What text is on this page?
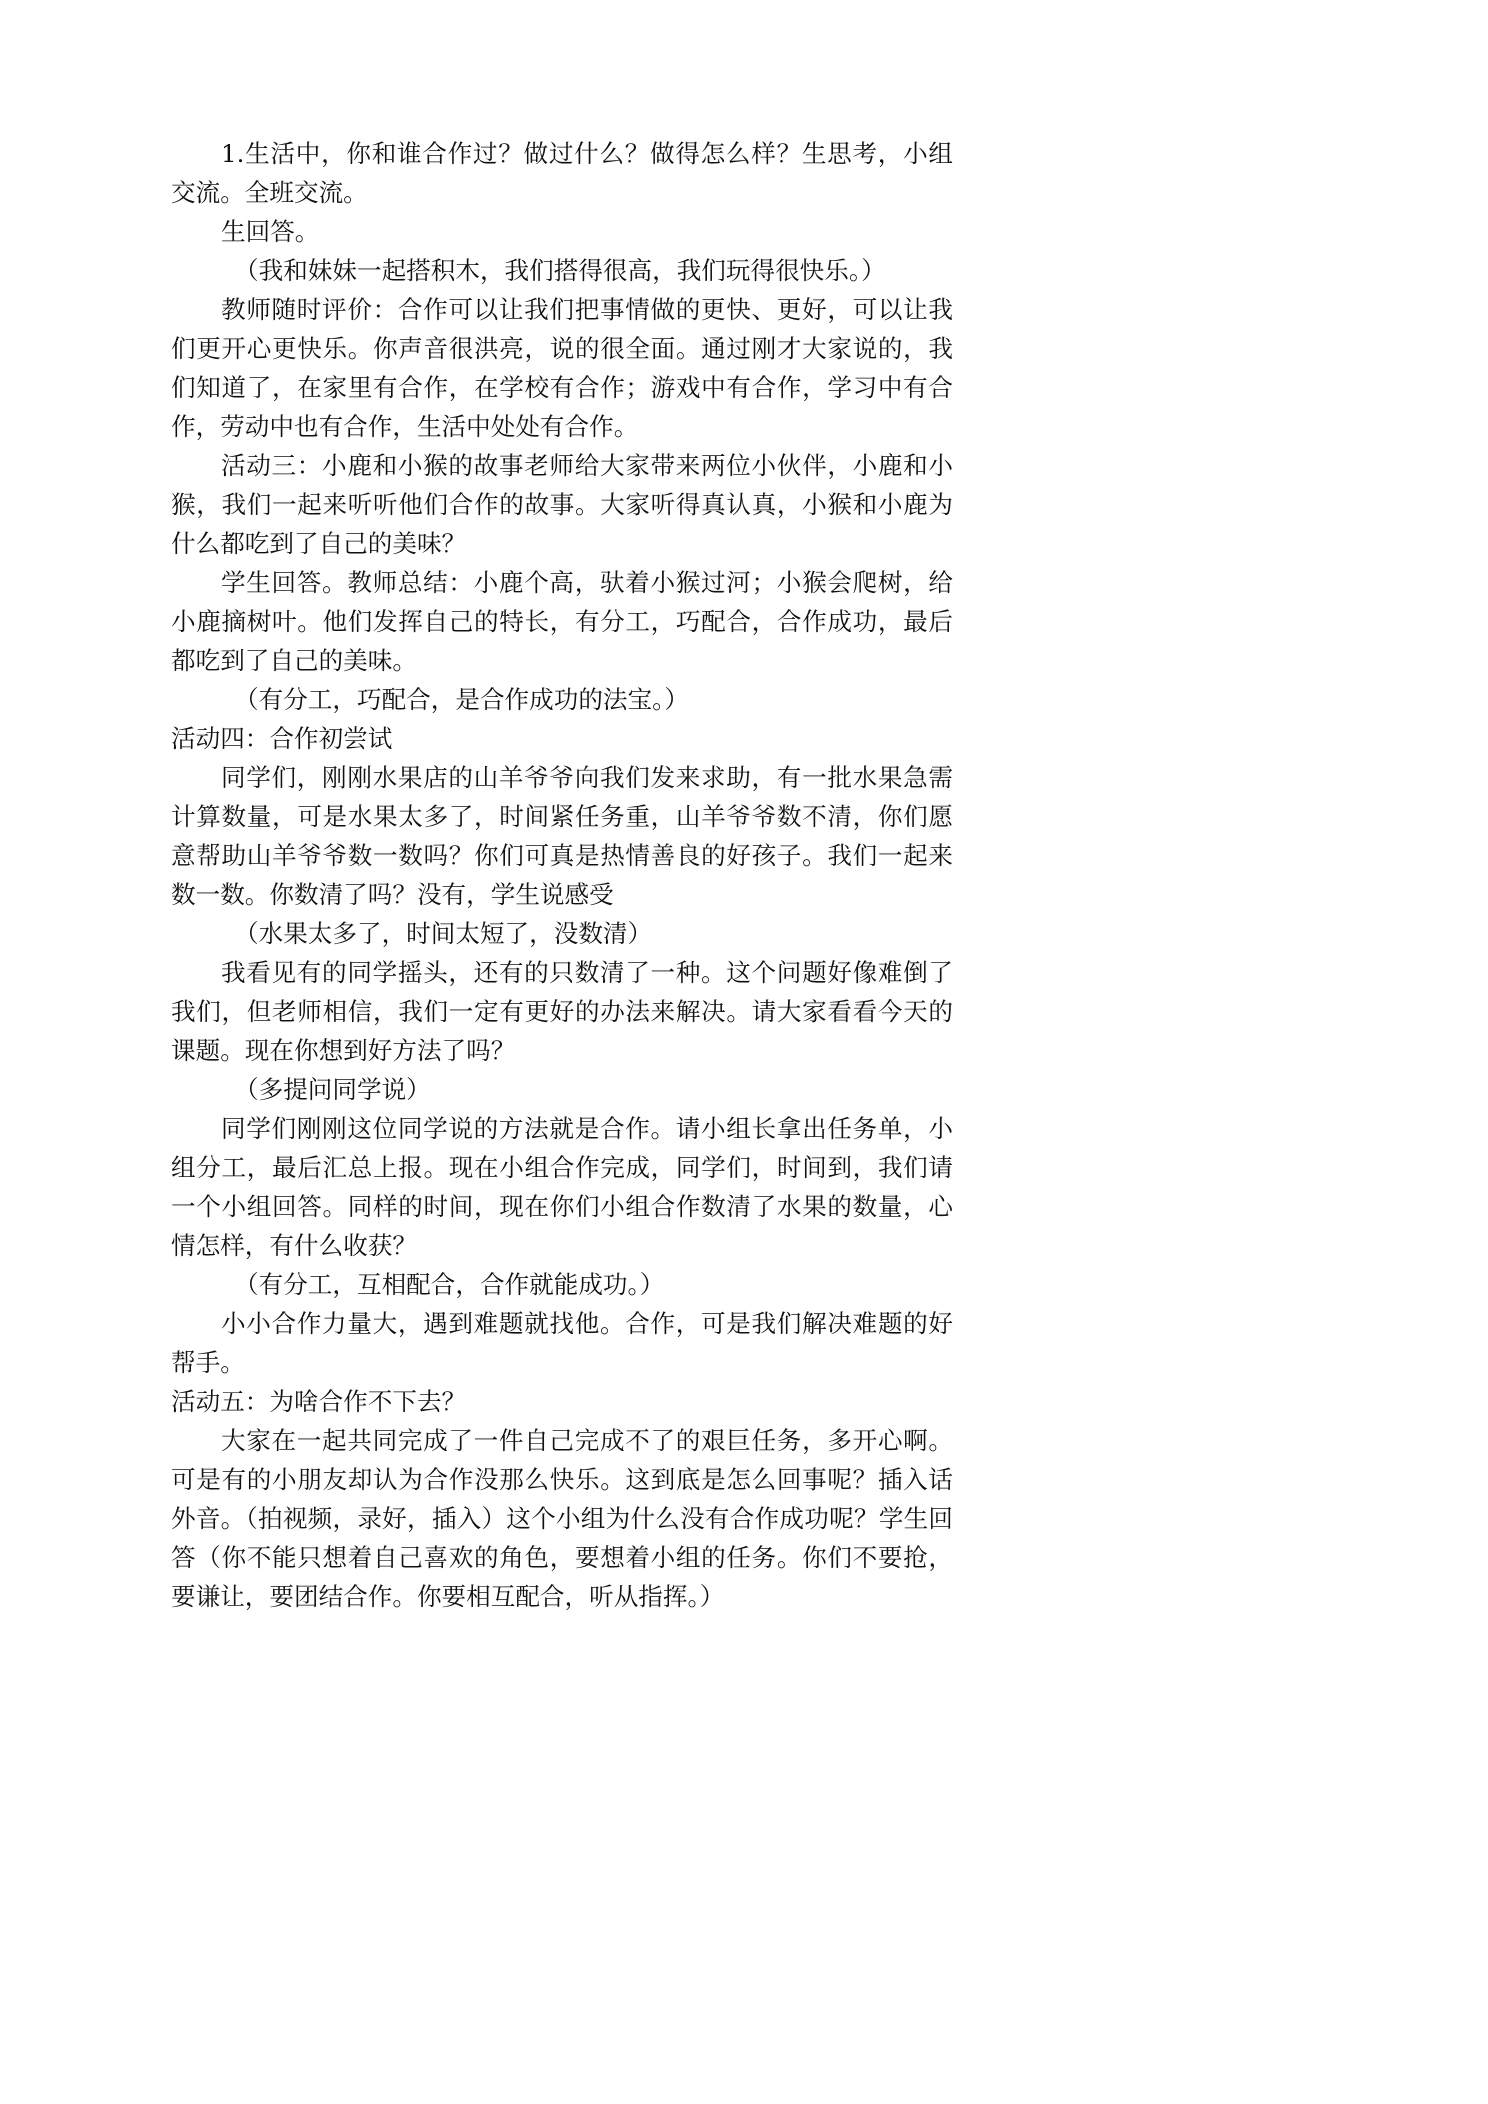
1.生活中，你和谁合作过？做过什么？做得怎么样？生思考，小组交流。全班交流。

生回答。

（我和妹妹一起搭积木，我们搭得很高，我们玩得很快乐。）

教师随时评价：合作可以让我们把事情做的更快、更好，可以让我们更开心更快乐。你声音很洪亮，说的很全面。通过刚才大家说的，我们知道了，在家里有合作，在学校有合作；游戏中有合作，学习中有合作，劳动中也有合作，生活中处处有合作。

活动三：小鹿和小猴的故事老师给大家带来两位小伙伴，小鹿和小猴，我们一起来听听他们合作的故事。大家听得真认真，小猴和小鹿为什么都吃到了自己的美味？

学生回答。教师总结：小鹿个高，驮着小猴过河；小猴会爬树，给小鹿摘树叶。他们发挥自己的特长，有分工，巧配合，合作成功，最后都吃到了自己的美味。

（有分工，巧配合，是合作成功的法宝。）

活动四：合作初尝试

同学们，刚刚水果店的山羊爷爷向我们发来求助，有一批水果急需计算数量，可是水果太多了，时间紧任务重，山羊爷爷数不清，你们愿意帮助山羊爷爷数一数吗？你们可真是热情善良的好孩子。我们一起来数一数。你数清了吗？没有，学生说感受

（水果太多了，时间太短了，没数清）

我看见有的同学摇头，还有的只数清了一种。这个问题好像难倒了我们，但老师相信，我们一定有更好的办法来解决。请大家看看今天的课题。现在你想到好方法了吗？

（多提问同学说）

同学们刚刚这位同学说的方法就是合作。请小组长拿出任务单，小组分工，最后汇总上报。现在小组合作完成，同学们，时间到，我们请一个小组回答。同样的时间，现在你们小组合作数清了水果的数量，心情怎样，有什么收获？

（有分工，互相配合，合作就能成功。）

小小合作力量大，遇到难题就找他。合作，可是我们解决难题的好帮手。

活动五：为啥合作不下去？

大家在一起共同完成了一件自己完成不了的艰巨任务，多开心啊。可是有的小朋友却认为合作没那么快乐。这到底是怎么回事呢？插入话外音。（拍视频，录好，插入）这个小组为什么没有合作成功呢？学生回答（你不能只想着自己喜欢的角色，要想着小组的任务。你们不要抢，要谦让，要团结合作。你要相互配合，听从指挥。）
